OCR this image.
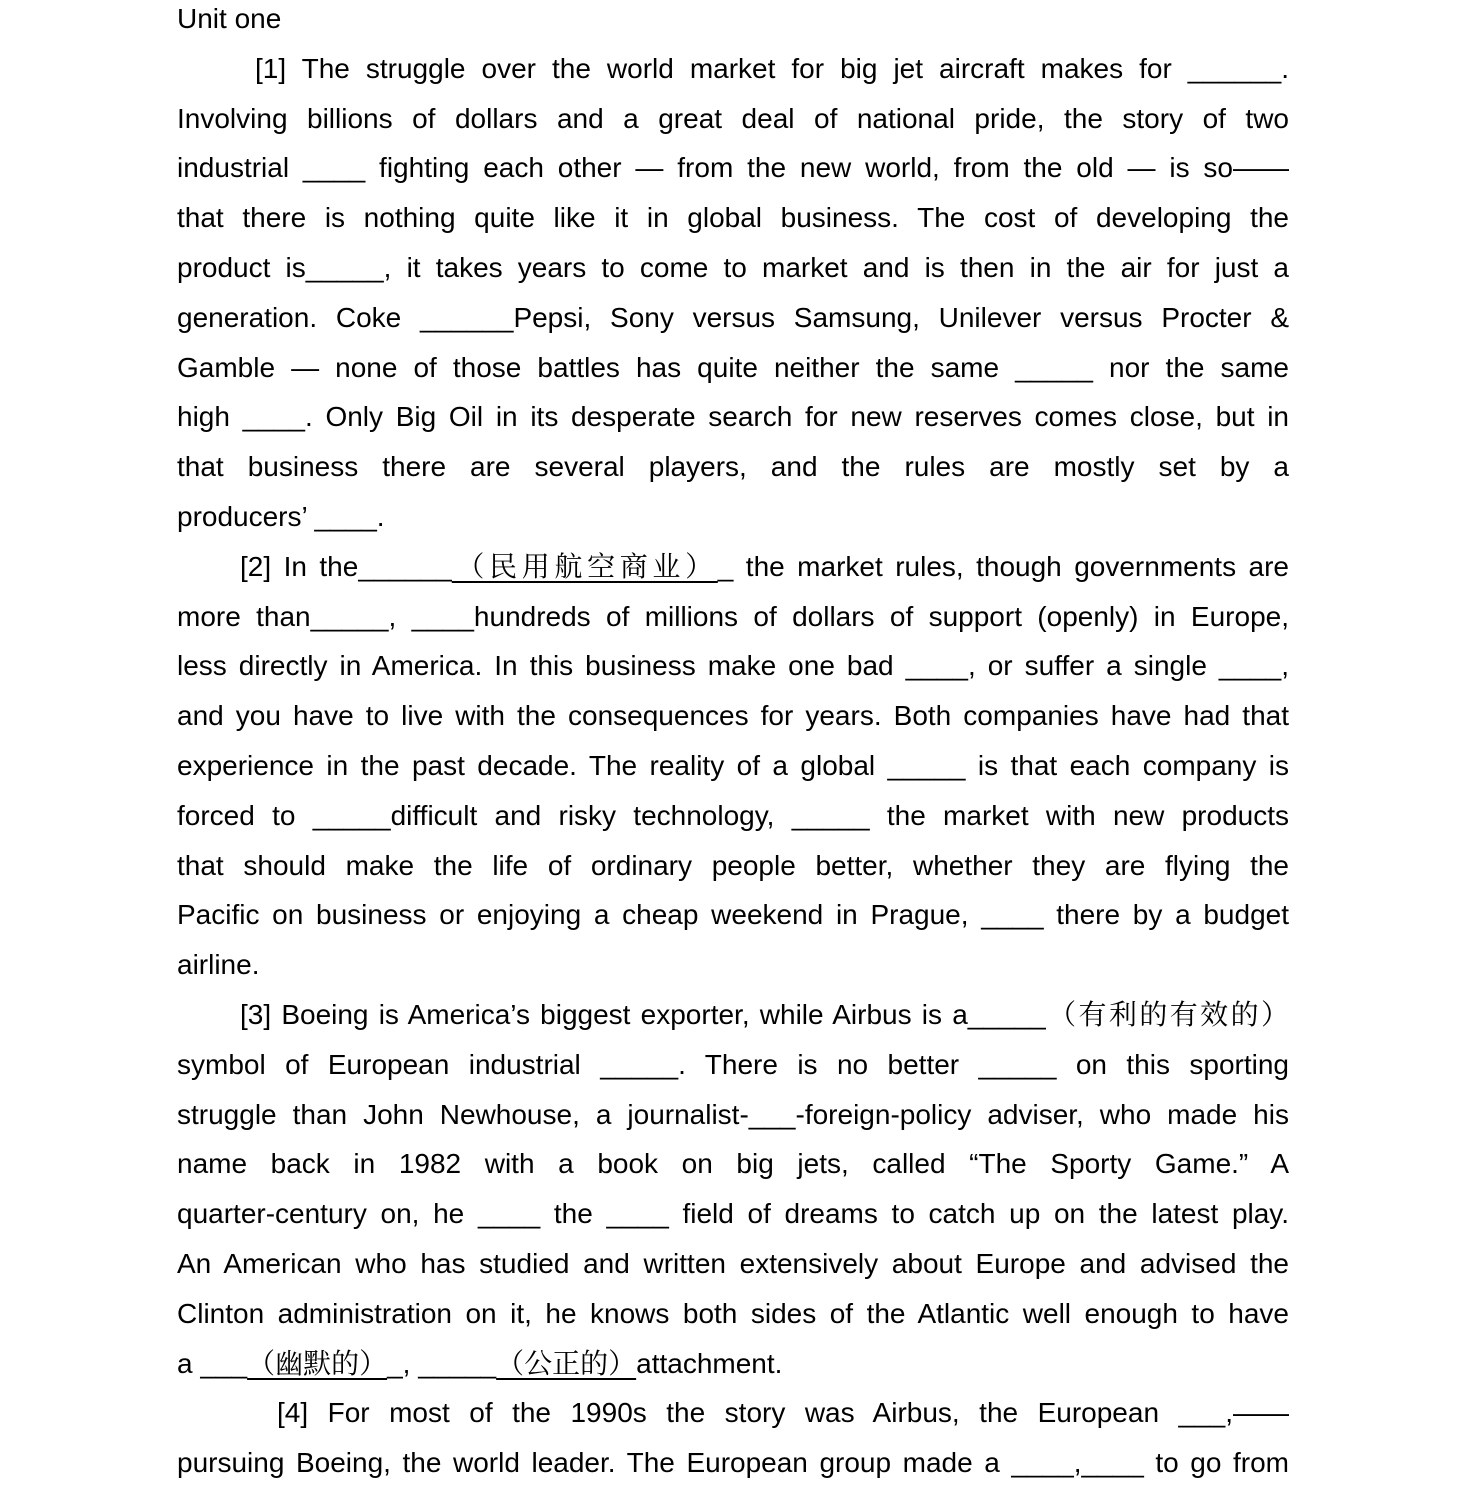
Unit one
[1] The struggle over the world market for big jet aircraft makes for ______.
Involving billions of dollars and a great deal of national pride, the story of two
industrial ____ fighting each other — from the new world, from the old — is so——
that there is nothing quite like it in global business. The cost of developing the
product is_____, it takes years to come to market and is then in the air for just a
generation. Coke ______Pepsi, Sony versus Samsung, Unilever versus Procter &
Gamble — none of those battles has quite neither the same _____ nor the same
high ____. Only Big Oil in its desperate search for new reserves comes close, but in
that business there are several players, and the rules are mostly set by a
producers’ ____.
[2] In the______（民用航空商业）_ the market rules, though governments are
more than_____, ____hundreds of millions of dollars of support (openly) in Europe,
less directly in America. In this business make one bad ____, or suffer a single ____,
and you have to live with the consequences for years. Both companies have had that
experience in the past decade. The reality of a global _____ is that each company is
forced to _____difficult and risky technology, _____ the market with new products
that should make the life of ordinary people better, whether they are flying the
Pacific on business or enjoying a cheap weekend in Prague, ____ there by a budget
airline.
[3] Boeing is America’s biggest exporter, while Airbus is a_____（有利的有效的）
symbol of European industrial _____. There is no better _____ on this sporting
struggle than John Newhouse, a journalist-___-foreign-policy adviser, who made his
name back in 1982 with a book on big jets, called “The Sporty Game.” A
quarter-century on, he ____ the ____ field of dreams to catch up on the latest play.
An American who has studied and written extensively about Europe and advised the
Clinton administration on it, he knows both sides of the Atlantic well enough to have
a ___（幽默的）_, _____（公正的）attachment.
[4] For most of the 1990s the story was Airbus, the European ___,——
pursuing Boeing, the world leader. The European group made a ____,____ to go from
